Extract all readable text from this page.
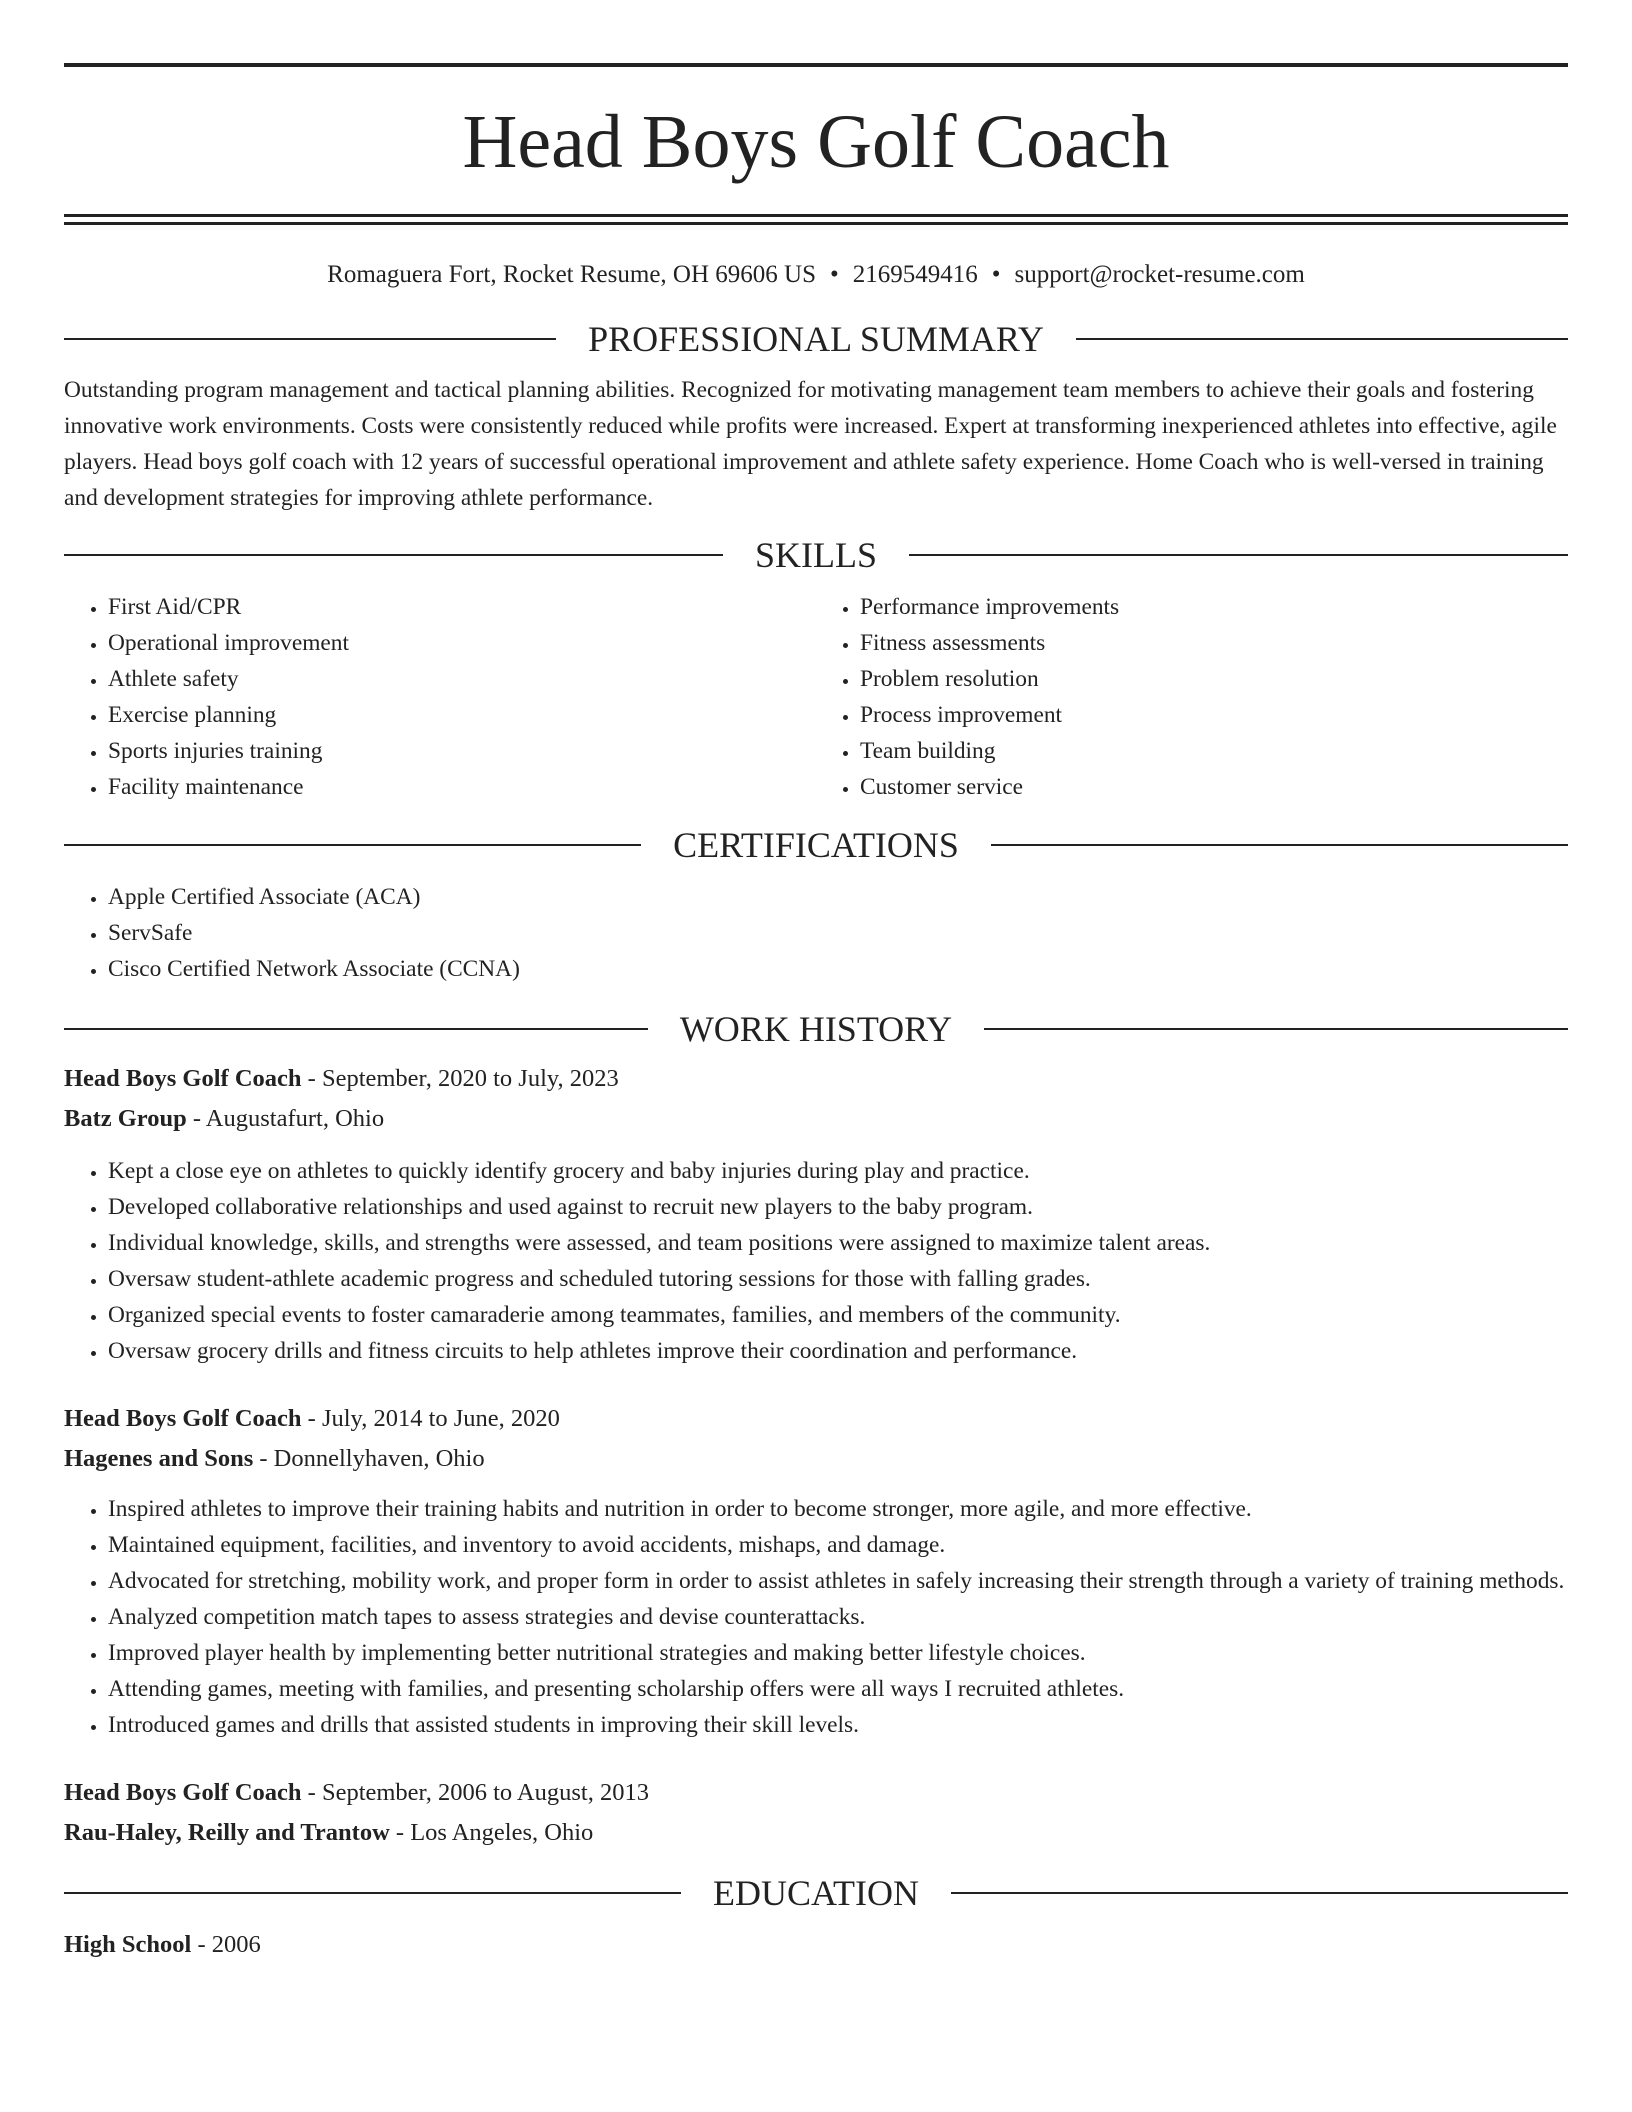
Head Boys Golf Coach
Romaguera Fort, Rocket Resume, OH 69606 US • 2169549416 • support@rocket-resume.com
PROFESSIONAL SUMMARY

Outstanding program management and tactical planning abilities. Recognized for motivating management team members to achieve their goals and fostering innovative work environments. Costs were consistently reduced while profits were increased. Expert at transforming inexperienced athletes into effective, agile players. Head boys golf coach with 12 years of successful operational improvement and athlete safety experience. Home Coach who is well-versed in training and development strategies for improving athlete performance.

SKILLS
• First Aid/CPR
• Operational improvement
• Athlete safety
• Exercise planning
• Sports injuries training
• Facility maintenance
• Performance improvements
• Fitness assessments
• Problem resolution
• Process improvement
• Team building
• Customer service
CERTIFICATIONS
• Apple Certified Associate (ACA)
• ServSafe
• Cisco Certified Network Associate (CCNA)
WORK HISTORY

Head Boys Golf Coach - September, 2020 to July, 2023

Batz Group - Augustafurt, Ohio

• Kept a close eye on athletes to quickly identify grocery and baby injuries during play and practice.
• Developed collaborative relationships and used against to recruit new players to the baby program.
• Individual knowledge, skills, and strengths were assessed, and team positions were assigned to maximize talent areas.
• Oversaw student-athlete academic progress and scheduled tutoring sessions for those with falling grades.
• Organized special events to foster camaraderie among teammates, families, and members of the community.
• Oversaw grocery drills and fitness circuits to help athletes improve their coordination and performance.

Head Boys Golf Coach - July, 2014 to June, 2020

Hagenes and Sons - Donnellyhaven, Ohio

• Inspired athletes to improve their training habits and nutrition in order to become stronger, more agile, and more effective.
• Maintained equipment, facilities, and inventory to avoid accidents, mishaps, and damage.
• Advocated for stretching, mobility work, and proper form in order to assist athletes in safely increasing their strength through a variety of training methods.
• Analyzed competition match tapes to assess strategies and devise counterattacks.
• Improved player health by implementing better nutritional strategies and making better lifestyle choices.
• Attending games, meeting with families, and presenting scholarship offers were all ways I recruited athletes.
• Introduced games and drills that assisted students in improving their skill levels.

Head Boys Golf Coach - September, 2006 to August, 2013

Rau-Haley, Reilly and Trantow - Los Angeles, Ohio

EDUCATION

High School - 2006
